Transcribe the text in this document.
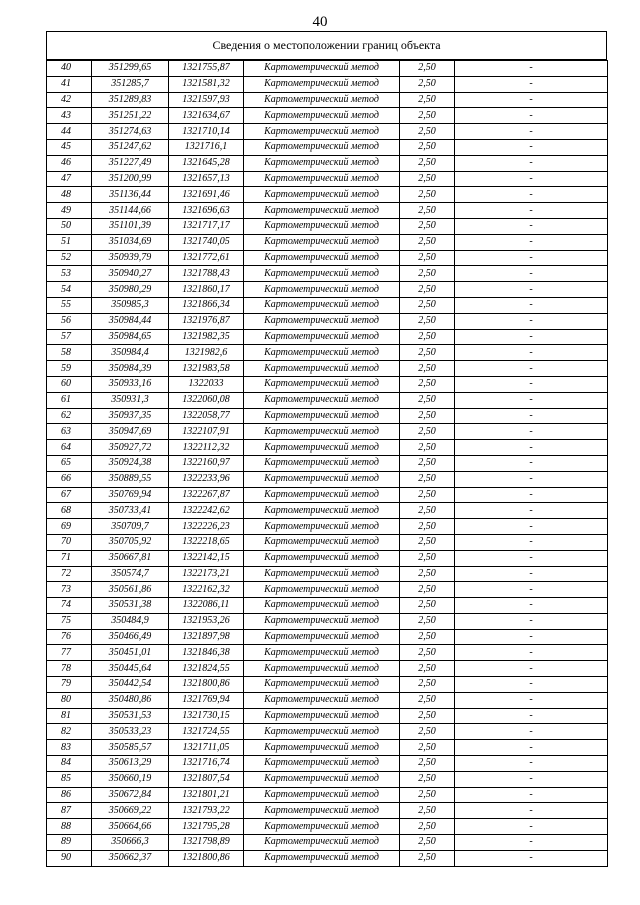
40
Сведения о местоположении границ объекта
40	351299,65	1321755,87	Картометрический метод	2,50	-
41	351285,7	1321581,32	Картометрический метод	2,50	-
42	351289,83	1321597,93	Картометрический метод	2,50	-
43	351251,22	1321634,67	Картометрический метод	2,50	-
44	351274,63	1321710,14	Картометрический метод	2,50	-
45	351247,62	1321716,1	Картометрический метод	2,50	-
46	351227,49	1321645,28	Картометрический метод	2,50	-
47	351200,99	1321657,13	Картометрический метод	2,50	-
48	351136,44	1321691,46	Картометрический метод	2,50	-
49	351144,66	1321696,63	Картометрический метод	2,50	-
50	351101,39	1321717,17	Картометрический метод	2,50	-
51	351034,69	1321740,05	Картометрический метод	2,50	-
52	350939,79	1321772,61	Картометрический метод	2,50	-
53	350940,27	1321788,43	Картометрический метод	2,50	-
54	350980,29	1321860,17	Картометрический метод	2,50	-
55	350985,3	1321866,34	Картометрический метод	2,50	-
56	350984,44	1321976,87	Картометрический метод	2,50	-
57	350984,65	1321982,35	Картометрический метод	2,50	-
58	350984,4	1321982,6	Картометрический метод	2,50	-
59	350984,39	1321983,58	Картометрический метод	2,50	-
60	350933,16	1322033	Картометрический метод	2,50	-
61	350931,3	1322060,08	Картометрический метод	2,50	-
62	350937,35	1322058,77	Картометрический метод	2,50	-
63	350947,69	1322107,91	Картометрический метод	2,50	-
64	350927,72	1322112,32	Картометрический метод	2,50	-
65	350924,38	1322160,97	Картометрический метод	2,50	-
66	350889,55	1322233,96	Картометрический метод	2,50	-
67	350769,94	1322267,87	Картометрический метод	2,50	-
68	350733,41	1322242,62	Картометрический метод	2,50	-
69	350709,7	1322226,23	Картометрический метод	2,50	-
70	350705,92	1322218,65	Картометрический метод	2,50	-
71	350667,81	1322142,15	Картометрический метод	2,50	-
72	350574,7	1322173,21	Картометрический метод	2,50	-
73	350561,86	1322162,32	Картометрический метод	2,50	-
74	350531,38	1322086,11	Картометрический метод	2,50	-
75	350484,9	1321953,26	Картометрический метод	2,50	-
76	350466,49	1321897,98	Картометрический метод	2,50	-
77	350451,01	1321846,38	Картометрический метод	2,50	-
78	350445,64	1321824,55	Картометрический метод	2,50	-
79	350442,54	1321800,86	Картометрический метод	2,50	-
80	350480,86	1321769,94	Картометрический метод	2,50	-
81	350531,53	1321730,15	Картометрический метод	2,50	-
82	350533,23	1321724,55	Картометрический метод	2,50	-
83	350585,57	1321711,05	Картометрический метод	2,50	-
84	350613,29	1321716,74	Картометрический метод	2,50	-
85	350660,19	1321807,54	Картометрический метод	2,50	-
86	350672,84	1321801,21	Картометрический метод	2,50	-
87	350669,22	1321793,22	Картометрический метод	2,50	-
88	350664,66	1321795,28	Картометрический метод	2,50	-
89	350666,3	1321798,89	Картометрический метод	2,50	-
90	350662,37	1321800,86	Картометрический метод	2,50	-
